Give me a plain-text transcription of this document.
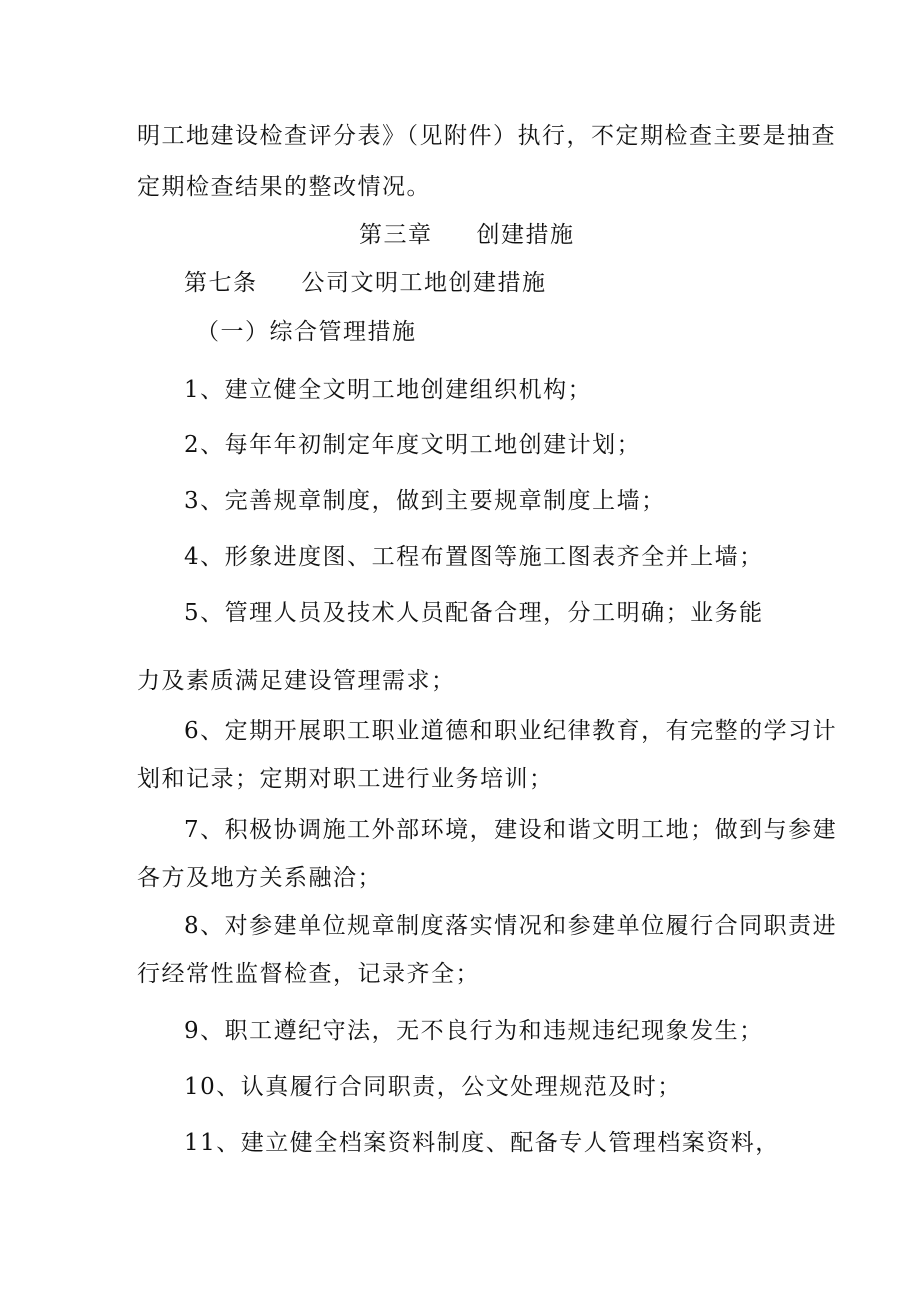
明工地建设检查评分表》（见附件）执行，不定期检查主要是抽查
定期检查结果的整改情况。
第三章 创建措施
第七条 公司文明工地创建措施
（一）综合管理措施
1、建立健全文明工地创建组织机构；
2、每年年初制定年度文明工地创建计划；
3、完善规章制度，做到主要规章制度上墙；
4、形象进度图、工程布置图等施工图表齐全并上墙；
5、管理人员及技术人员配备合理，分工明确；业务能
力及素质满足建设管理需求；
6、定期开展职工职业道德和职业纪律教育，有完整的学习计
划和记录；定期对职工进行业务培训；
7、积极协调施工外部环境，建设和谐文明工地；做到与参建
各方及地方关系融洽；
8、对参建单位规章制度落实情况和参建单位履行合同职责进
行经常性监督检查，记录齐全；
9、职工遵纪守法，无不良行为和违规违纪现象发生；
10、认真履行合同职责，公文处理规范及时；
11、建立健全档案资料制度、配备专人管理档案资料，
